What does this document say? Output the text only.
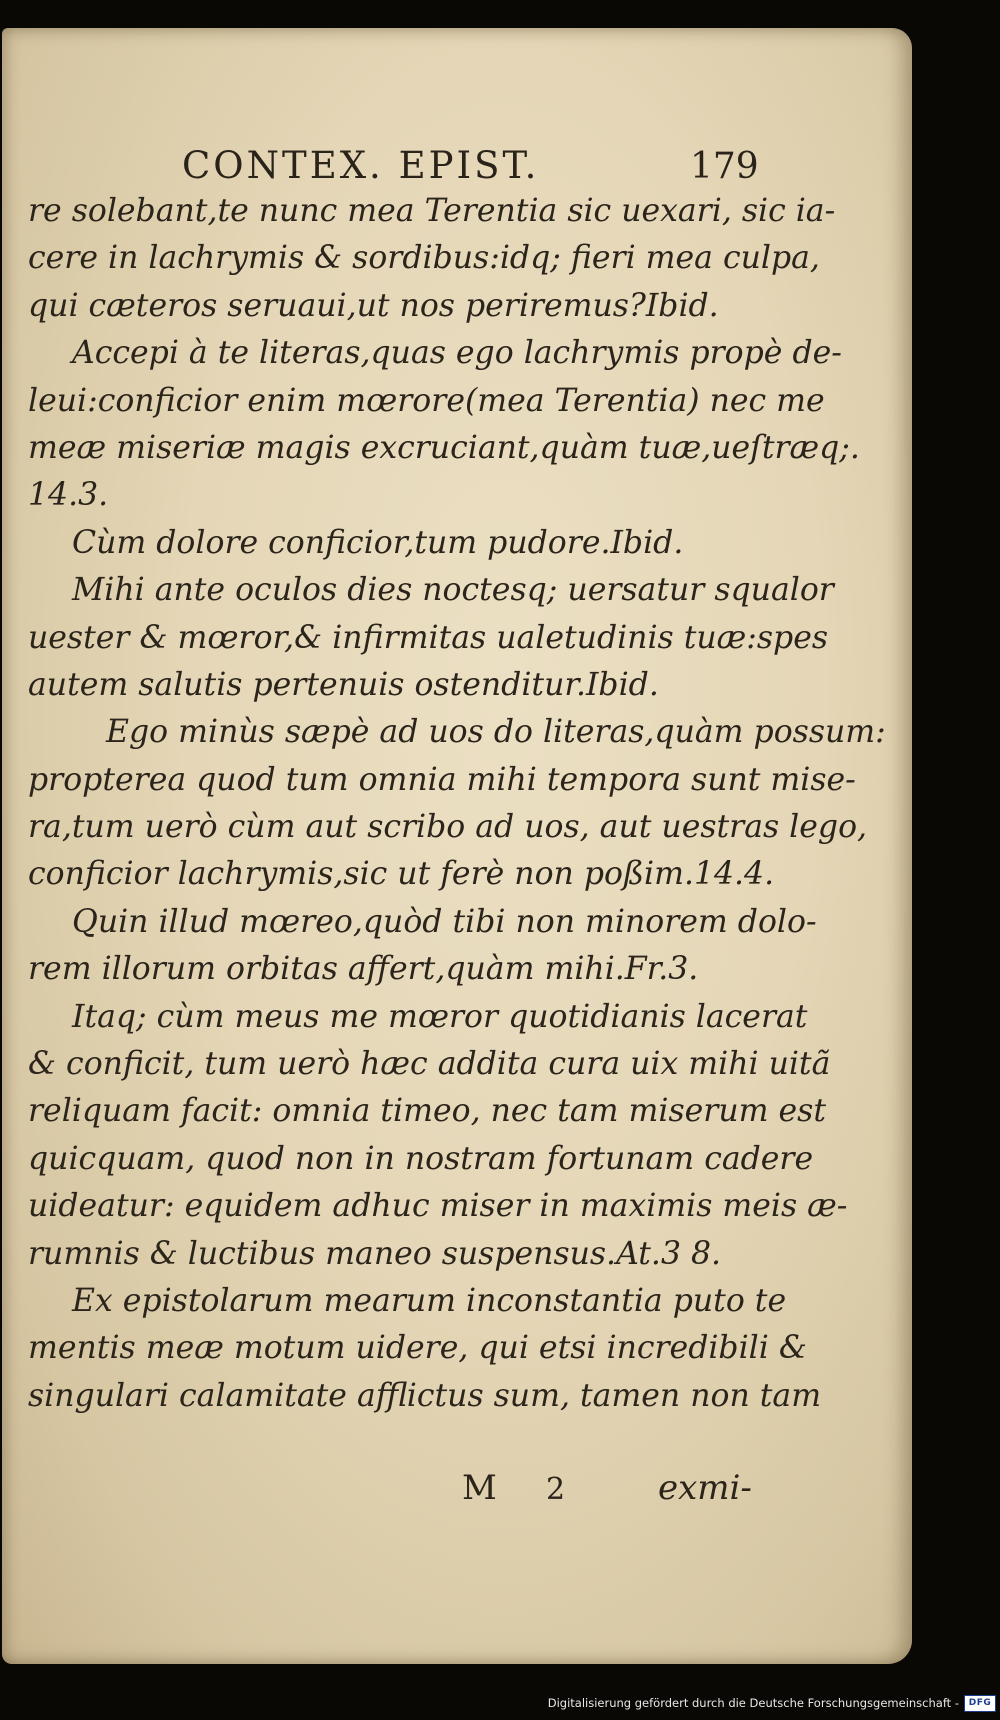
CONTEX. EPIST.	179
re solebant,te nunc mea Terentia sic uexari, sic ia-
cere in lachrymis & sordibus:idq; fieri mea culpa,
qui cæteros seruaui,ut nos periremus?Ibid.
Accepi à te literas,quas ego lachrymis propè de-
leui:conficior enim mœrore(mea Terentia) nec me
meæ miseriæ magis excruciant,quàm tuæ,ueſtræq;.
14.3.
Cùm dolore conficior,tum pudore.Ibid.
Mihi ante oculos dies noctesq; uersatur squalor
uester & mœror,& infirmitas ualetudinis tuæ:spes
autem salutis pertenuis ostenditur.Ibid.
Ego minùs sæpè ad uos do literas,quàm possum:
propterea quod tum omnia mihi tempora sunt mise-
ra,tum uerò cùm aut scribo ad uos, aut uestras lego,
conficior lachrymis,sic ut ferè non poßim.14.4.
Quin illud mœreo,quòd tibi non minorem dolo-
rem illorum orbitas affert,quàm mihi.Fr.3.
Itaq; cùm meus me mœror quotidianis lacerat
& conficit, tum uerò hæc addita cura uix mihi uitã
reliquam facit: omnia timeo, nec tam miserum est
quicquam, quod non in nostram fortunam cadere
uideatur: equidem adhuc miser in maximis meis æ-
rumnis & luctibus maneo suspensus.At.3 8.
Ex epistolarum mearum inconstantia puto te
mentis meæ motum uidere, qui etsi incredibili &
singulari calamitate afflictus sum, tamen non tam
M 2	exmi-
Digitalisierung gefördert durch die Deutsche Forschungsgemeinschaft -	DFG
